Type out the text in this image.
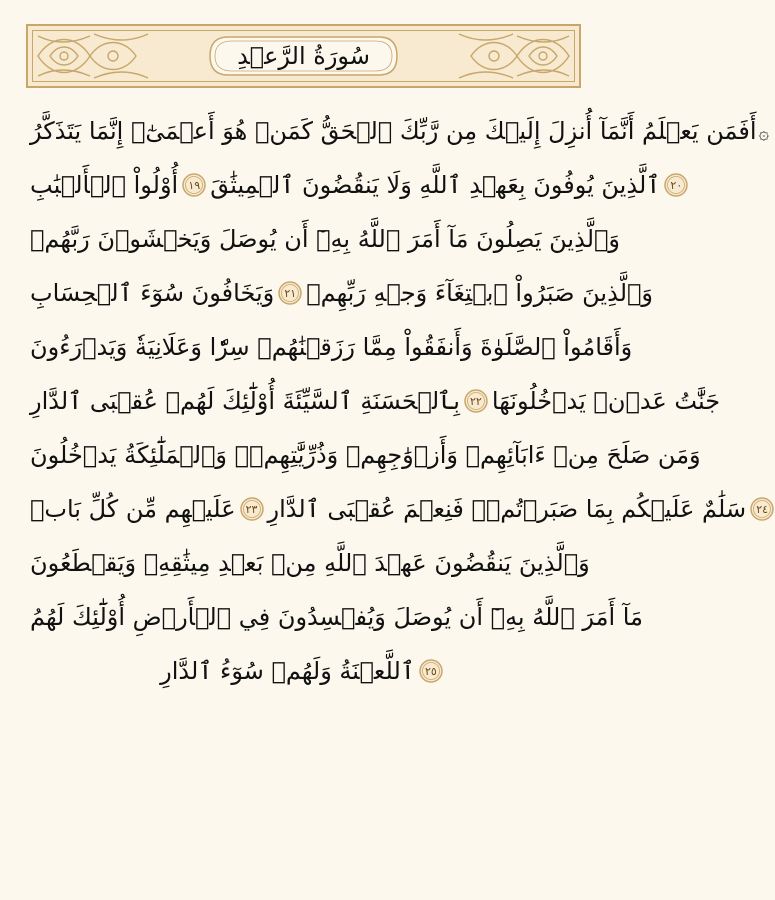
سُورَةُ الرَّعۡدِ
۞أَفَمَن يَعۡلَمُ أَنَّمَآ أُنزِلَ إِلَيۡكَ مِن رَّبِّكَ ٱلۡحَقُّ كَمَنۡ هُوَ أَعۡمَىٰٓۚ إِنَّمَا يَتَذَكَّرُ
أُوْلُواْ ٱلۡأَلۡبَٰبِ ١٩ ٱلَّذِينَ يُوفُونَ بِعَهۡدِ ٱللَّهِ وَلَا يَنقُضُونَ ٱلۡمِيثَٰقَ ٢٠
وَٱلَّذِينَ يَصِلُونَ مَآ أَمَرَ ٱللَّهُ بِهِۦٓ أَن يُوصَلَ وَيَخۡشَوۡنَ رَبَّهُمۡ
وَيَخَافُونَ سُوٓءَ ٱلۡحِسَابِ ٢١ وَٱلَّذِينَ صَبَرُواْ ٱبۡتِغَآءَ وَجۡهِ رَبِّهِمۡ
وَأَقَامُواْ ٱلصَّلَوٰةَ وَأَنفَقُواْ مِمَّا رَزَقۡنَٰهُمۡ سِرّٗا وَعَلَانِيَةٗ وَيَدۡرَءُونَ
بِٱلۡحَسَنَةِ ٱلسَّيِّئَةَ أُوْلَٰٓئِكَ لَهُمۡ عُقۡبَى ٱلدَّارِ ٢٢ جَنَّٰتُ عَدۡنٖ يَدۡخُلُونَهَا
وَمَن صَلَحَ مِنۡ ءَابَآئِهِمۡ وَأَزۡوَٰجِهِمۡ وَذُرِّيَّٰتِهِمۡۖ وَٱلۡمَلَٰٓئِكَةُ يَدۡخُلُونَ
عَلَيۡهِم مِّن كُلِّ بَابٖ ٢٣ سَلَٰمٌ عَلَيۡكُم بِمَا صَبَرۡتُمۡۚ فَنِعۡمَ عُقۡبَى ٱلدَّارِ ٢٤
وَٱلَّذِينَ يَنقُضُونَ عَهۡدَ ٱللَّهِ مِنۢ بَعۡدِ مِيثَٰقِهِۦ وَيَقۡطَعُونَ
مَآ أَمَرَ ٱللَّهُ بِهِۦٓ أَن يُوصَلَ وَيُفۡسِدُونَ فِي ٱلۡأَرۡضِ أُوْلَٰٓئِكَ لَهُمُ
ٱللَّعۡنَةُ وَلَهُمۡ سُوٓءُ ٱلدَّارِ ٢٥
